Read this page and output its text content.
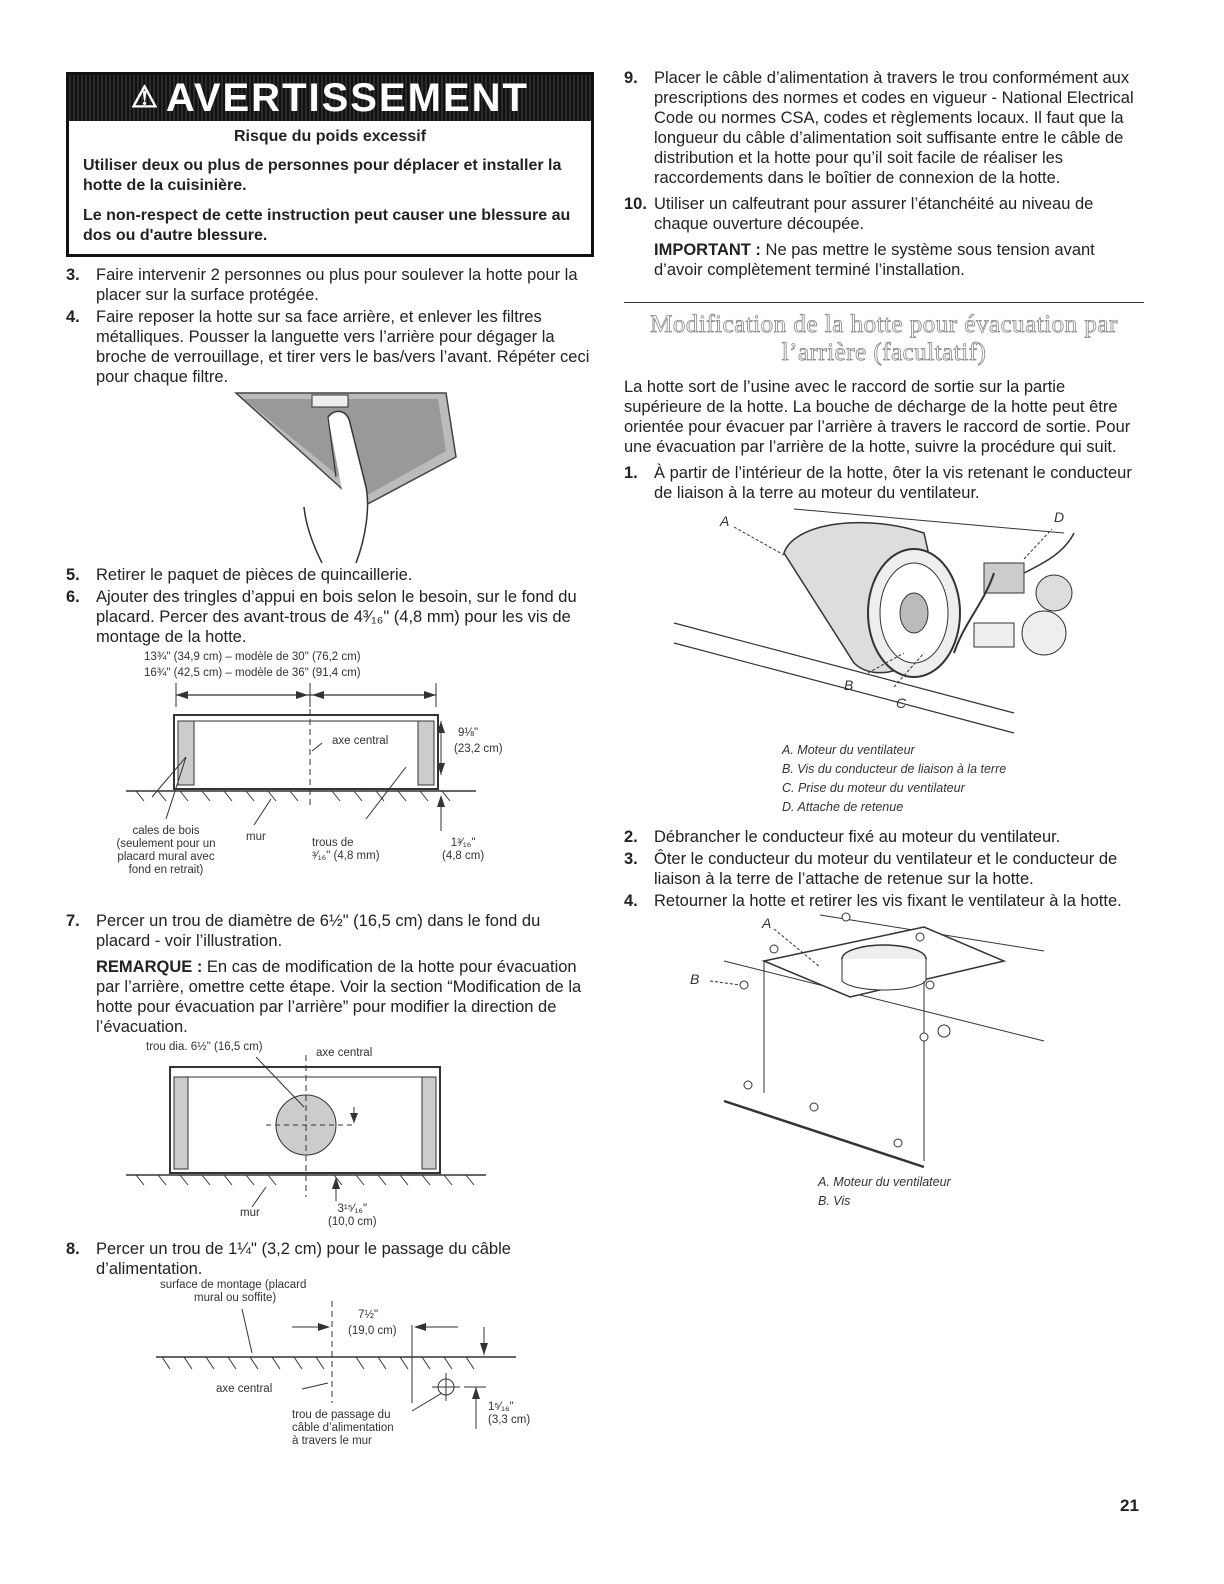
⚠ AVERTISSEMENT
Risque du poids excessif

Utiliser deux ou plus de personnes pour déplacer et installer la hotte de la cuisinière.

Le non-respect de cette instruction peut causer une blessure au dos ou d'autre blessure.

3. Faire intervenir 2 personnes ou plus pour soulever la hotte pour la placer sur la surface protégée.
4. Faire reposer la hotte sur sa face arrière, et enlever les filtres métalliques. Pousser la languette vers l’arrière pour dégager la broche de verrouillage, et tirer vers le bas/vers l’avant. Répéter ceci pour chaque filtre.
5. Retirer le paquet de pièces de quincaillerie.
6. Ajouter des tringles d’appui en bois selon le besoin, sur le fond du placard. Percer des avant-trous de 4³⁄₁₆" (4,8 mm) pour les vis de montage de la hotte.
13¾" (34,9 cm) – modèle de 30" (76,2 cm)
16¾" (42,5 cm) – modèle de 36" (91,4 cm)
axe central
9⅛"
(23,2 cm)
cales de bois
(seulement pour un
placard mural avec
fond en retrait)
mur	trous de
³⁄₁₆" (4,8 mm)
1³⁄₁₆"
(4,8 cm)
7. Percer un trou de diamètre de 6½" (16,5 cm) dans le fond du placard - voir l’illustration.
REMARQUE : En cas de modification de la hotte pour évacuation par l’arrière, omettre cette étape. Voir la section “Modification de la hotte pour évacuation par l’arrière” pour modifier la direction de l’évacuation.
trou dia. 6½" (16,5 cm)	axe central
mur	3¹⁵⁄₁₆"
(10,0 cm)
8. Percer un trou de 1¼" (3,2 cm) pour le passage du câble d’alimentation.
surface de montage (placard
mural ou soffite)
7½"
(19,0 cm)
axe central
trou de passage du
câble d’alimentation
à travers le mur
1⁵⁄₁₆"
(3,3 cm)
9. Placer le câble d’alimentation à travers le trou conformément aux prescriptions des normes et codes en vigueur - National Electrical Code ou normes CSA, codes et règlements locaux. Il faut que la longueur du câble d’alimentation soit suffisante entre le câble de distribution et la hotte pour qu’il soit facile de réaliser les raccordements dans le boîtier de connexion de la hotte.
10. Utiliser un calfeutrant pour assurer l’étanchéité au niveau de chaque ouverture découpée.
IMPORTANT : Ne pas mettre le système sous tension avant d’avoir complètement terminé l’installation.
Modification de la hotte pour évacuation par l’arrière (facultatif)
La hotte sort de l’usine avec le raccord de sortie sur la partie supérieure de la hotte. La bouche de décharge de la hotte peut être orientée pour évacuer par l’arrière à travers le raccord de sortie. Pour une évacuation par l’arrière de la hotte, suivre la procédure qui suit.
1. À partir de l’intérieur de la hotte, ôter la vis retenant le conducteur de liaison à la terre au moteur du ventilateur.
A	D
B
C
A. Moteur du ventilateur
B. Vis du conducteur de liaison à la terre
C. Prise du moteur du ventilateur
D. Attache de retenue
2. Débrancher le conducteur fixé au moteur du ventilateur.
3. Ôter le conducteur du moteur du ventilateur et le conducteur de liaison à la terre de l’attache de retenue sur la hotte.
4. Retourner la hotte et retirer les vis fixant le ventilateur à la hotte.
A
B
A. Moteur du ventilateur
B. Vis
21
